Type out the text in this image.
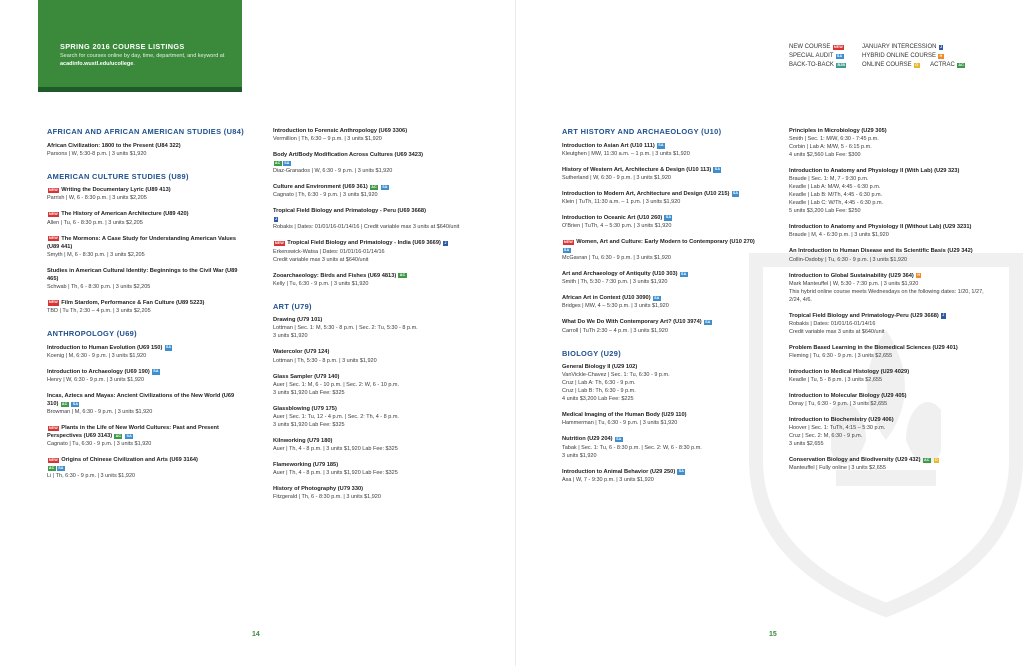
SPRING 2016 COURSE LISTINGS
Search for courses online by day, time, department, and keyword at acadinfo.wustl.edu/ucollege.
AFRICAN AND AFRICAN AMERICAN STUDIES (U84)
African Civilization: 1800 to the Present (U84 322)
Parsons | W, 5:30-8 p.m. | 3 units $1,920
AMERICAN CULTURE STUDIES (U89)
NEW Writing the Documentary Lyric (U89 413)
Parrish | W, 6 - 8:30 p.m. | 3 units $2,205
NEW The History of American Architecture (U89 420)
Allen | Tu, 6 - 8:30 p.m. | 3 units $2,205
NEW The Mormons: A Case Study for Understanding American Values (U89 441)
Smyth | M, 6 - 8:30 p.m. | 3 units $2,205
Studies in American Cultural Identity: Beginnings to the Civil War (U89 465)
Schwab | Th, 6 - 8:30 p.m. | 3 units $2,205
NEW Film Stardom, Performance & Fan Culture (U89 5223)
TBD | Tu Th, 2:30 – 4 p.m. | 3 units $2,205
ANTHROPOLOGY (U69)
Introduction to Human Evolution (U69 150) SA
Koenig | M, 6:30 - 9 p.m. | 3 units $1,920
Introduction to Archaeology (U69 190) SA
Henry | W, 6:30 - 9 p.m. | 3 units $1,920
Incas, Aztecs and Mayas: Ancient Civilizations of the New World (U69 310) AC SA
Browman | M, 6:30 - 9 p.m. | 3 units $1,920
NEW Plants in the Life of New World Cultures: Past and Present Perspectives (U69 3143) AC SA
Cagnato | Tu, 6:30 - 9 p.m. | 3 units $1,920
NEW Origins of Chinese Civilization and Arts (U69 3164)
AC SA
Li | Th, 6:30 - 9 p.m. | 3 units $1,920
Introduction to Forensic Anthropology (U69 3306)
Vermillion | Th, 6:30 – 9 p.m. | 3 units $1,920
Body Art/Body Modification Across Cultures (U69 3423)
AC SA
Diaz-Granados | W, 6:30 - 9 p.m. | 3 units $1,920
Culture and Environment (U69 361) AC SA
Cagnato | Th, 6:30 - 9 p.m. | 3 units $1,920
Tropical Field Biology and Primatology - Peru (U69 3668)
J
Robakis | Dates: 01/01/16-01/14/16 | Credit variable max 3 units at $640/unit
NEW Tropical Field Biology and Primatology - India (U69 3669) J
Erkenswick-Watsa | Dates: 01/01/16-01/14/16
Credit variable max 3 units at $640/unit
Zooarchaeology: Birds and Fishes (U69 4813) AC
Kelly | Tu, 6:30 - 9 p.m. | 3 units $1,920
ART (U79)
Drawing (U79 101)
Lottman | Sec. 1: M, 5:30 - 8 p.m. | Sec. 2: Tu, 5:30 - 8 p.m.
3 units $1,920
Watercolor (U79 124)
Lottman | Th, 5:30 - 8 p.m. | 3 units $1,920
Glass Sampler (U79 140)
Auer | Sec. 1: M, 6 - 10 p.m. | Sec. 2: W, 6 - 10 p.m.
3 units $1,920 Lab Fee: $325
Glassblowing (U79 175)
Auer | Sec. 1: Tu, 12 - 4 p.m. | Sec. 2: Th, 4 - 8 p.m.
3 units $1,920 Lab Fee: $325
Kilnworking (U79 180)
Auer | Th, 4 - 8 p.m. | 3 units $1,920 Lab Fee: $325
Flameworking (U79 185)
Auer | Th, 4 - 8 p.m. | 3 units $1,920 Lab Fee: $325
History of Photography (U79 330)
Fitzgerald | Th, 6 - 8:30 p.m. | 3 units $1,920
14
NEW COURSE NEW	JANUARY INTERCESSION J
SPECIAL AUDIT SA	HYBRID ONLINE COURSE H
BACK-TO-BACK B2B	ONLINE COURSE O ACTRAC AC
ART HISTORY AND ARCHAEOLOGY (U10)
Introduction to Asian Art (U10 111) SA
Kleutghen | MW, 11:30 a.m. – 1 p.m. | 3 units $1,920
History of Western Art, Architecture & Design (U10 113) SA
Sutherland | W, 6:30 - 9 p.m. | 3 units $1,920
Introduction to Modern Art, Architecture and Design (U10 215) SA
Klein | TuTh, 11:30 a.m. – 1 p.m. | 3 units $1,920
Introduction to Oceanic Art (U10 260) SA
O'Brien | TuTh, 4 – 5:30 p.m. | 3 units $1,920
NEW Women, Art and Culture: Early Modern to Contemporary (U10 270) SA
McGavran | Tu, 6:30 - 9 p.m. | 3 units $1,920
Art and Archaeology of Antiquity (U10 303) SA
Smith | Th, 5:30 - 7:30 p.m. | 3 units $1,920
African Art in Context (U10 3090) SA
Bridges | MW, 4 – 5:30 p.m. | 3 units $1,920
What Do We Do With Contemporary Art? (U10 3974) SA
Carroll | TuTh 2:30 – 4 p.m. | 3 units $1,920
BIOLOGY (U29)
General Biology II (U29 102)
VanVickle-Chavez | Sec. 1: Tu, 6:30 - 9 p.m.
Cruz | Lab A: Th, 6:30 - 9 p.m.
Cruz | Lab B: Th, 6:30 - 9 p.m.
4 units $3,200 Lab Fee: $225
Medical Imaging of the Human Body (U29 110)
Hammerman | Tu, 6:30 - 9 p.m. | 3 units $1,920
Nutrition (U29 204) SA
Tabak | Sec. 1: Tu, 6 - 8:30 p.m. | Sec. 2: W, 6 - 8:30 p.m.
3 units $1,920
Introduction to Animal Behavior (U29 250) SA
Asa | W, 7 - 9:30 p.m. | 3 units $1,920
Principles in Microbiology (U29 305)
Smith | Sec. 1: M/W, 6:30 - 7:45 p.m.
Corbin | Lab A: M/W, 5 - 6:15 p.m.
4 units $2,560 Lab Fee: $300
Introduction to Anatomy and Physiology II (With Lab) (U29 323)
Braude | Sec. 1: M, 7 - 9:30 p.m.
Keadle | Lab A: M/W, 4:45 - 6:30 p.m.
Keadle | Lab B: M/Th, 4:45 - 6:30 p.m.
Keadle | Lab C: W/Th, 4:45 - 6:30 p.m.
5 units $3,200 Lab Fee: $250
Introduction to Anatomy and Physiology II (Without Lab) (U29 3231)
Braude | M, 4 - 6:30 p.m. | 3 units $1,920
An Introduction to Human Disease and its Scientific Basis (U29 342)
Collin-Osdoby | Tu, 6:30 - 9 p.m. | 3 units $1,920
Introduction to Global Sustainability (U29 364) H
Mark Manteuffel | W, 5:30 - 7:30 p.m. | 3 units $1,920
This hybrid online course meets Wednesdays on the following dates: 1/20, 1/27, 2/24, 4/6.
Tropical Field Biology and Primatology-Peru (U29 3668) J
Robakis | Dates: 01/01/16-01/14/16
Credit variable max 3 units at $640/unit
Problem Based Learning in the Biomedical Sciences (U29 401)
Fleming | Tu, 6:30 - 9 p.m. | 3 units $2,655
Introduction to Medical Histology (U29 4029)
Keadle | Tu, 5 - 8 p.m. | 3 units $2,655
Introduction to Molecular Biology (U29 405)
Doray | Tu, 6:30 - 9 p.m. | 3 units $2,655
Introduction to Biochemistry (U29 406)
Hoover | Sec. 1: TuTh, 4:15 – 5:30 p.m.
Cruz | Sec. 2: M, 6:30 - 9 p.m.
3 units $2,655
Conservation Biology and Biodiversity (U29 432) AC O
Manteuffel | Fully online | 3 units $2,655
15
